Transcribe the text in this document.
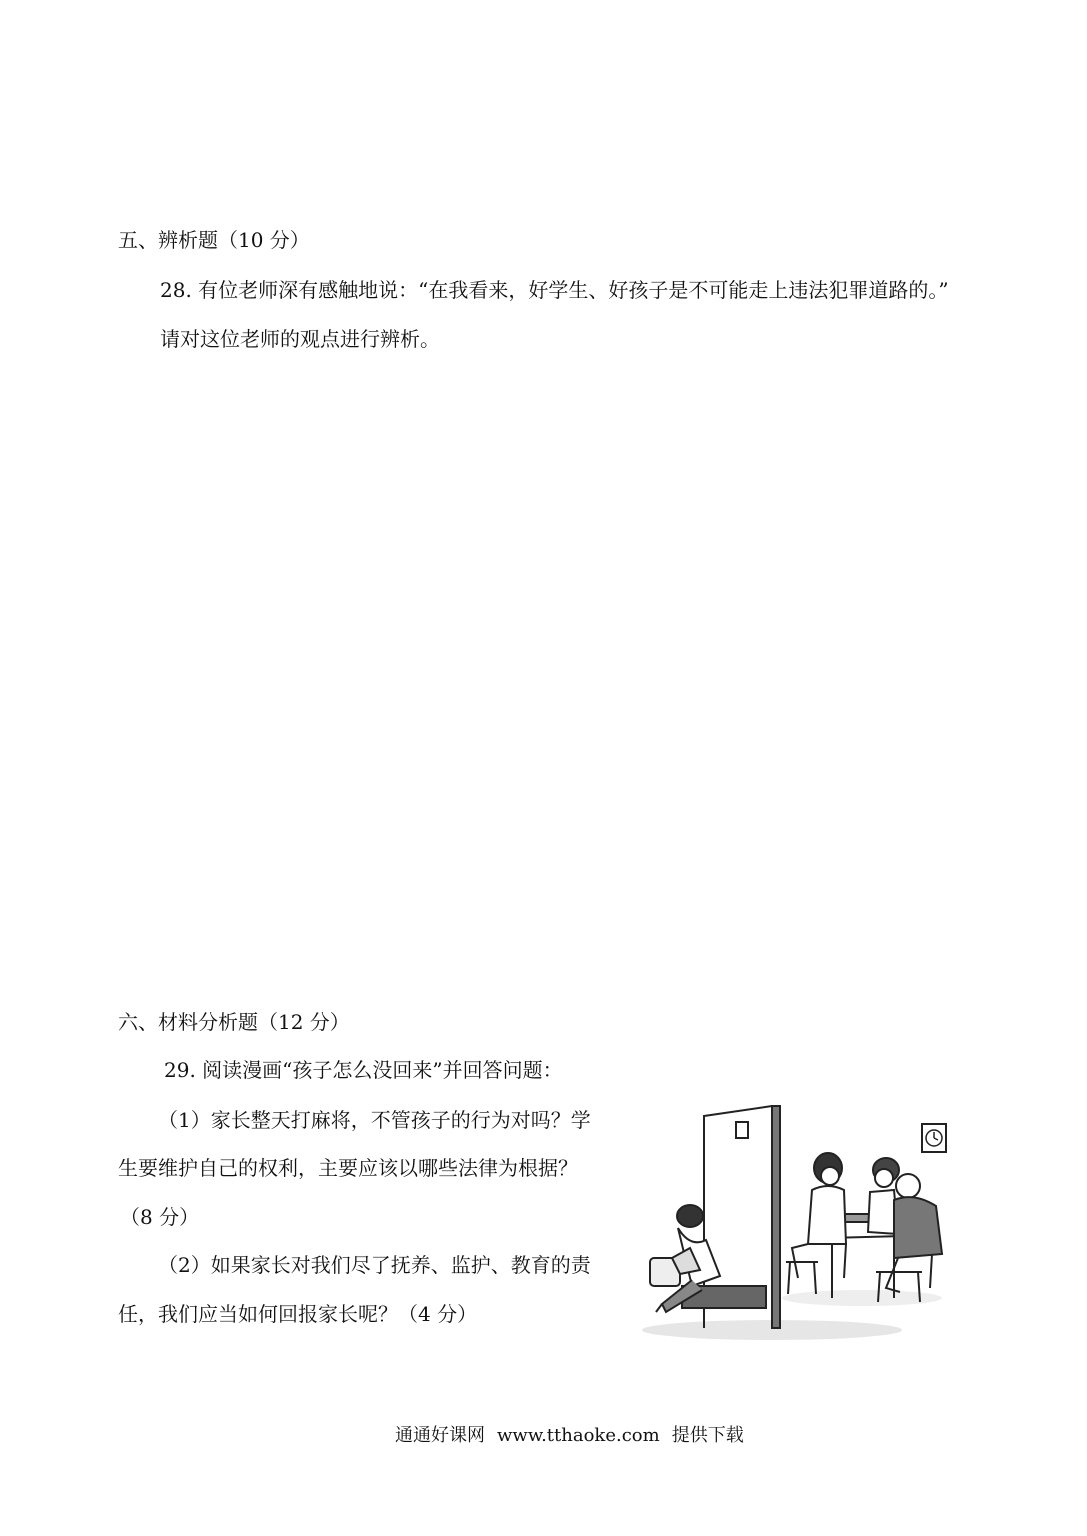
五、辨析题（10 分）
28. 有位老师深有感触地说：“在我看来，好学生、好孩子是不可能走上违法犯罪道路的。”
请对这位老师的观点进行辨析。
六、材料分析题（12 分）
29. 阅读漫画“孩子怎么没回来”并回答问题：
（1）家长整天打麻将，不管孩子的行为对吗？学
生要维护自己的权利，主要应该以哪些法律为根据？
（8 分）
（2）如果家长对我们尽了抚养、监护、教育的责
任，我们应当如何回报家长呢？（4 分）
通通好课网 www.tthaoke.com 提供下载
